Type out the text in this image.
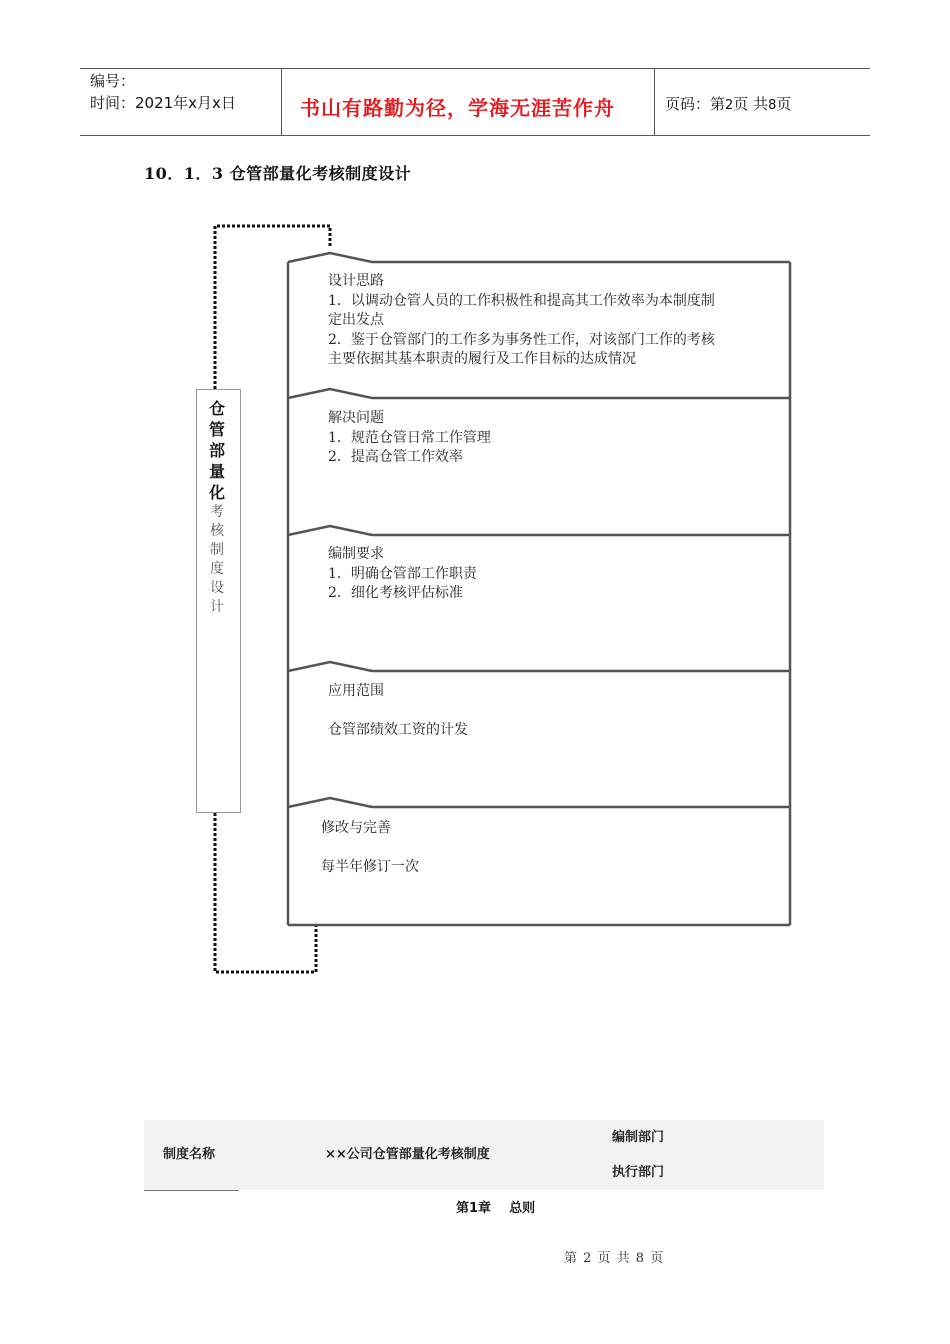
编号：
时间：2021年x月x日	书山有路勤为径，学海无涯苦作舟	页码：第2页 共8页
10．1．3 仓管部量化考核制度设计
仓
管
部
量
化
考
核
制
度
设
计
设计思路
1．以调动仓管人员的工作积极性和提高其工作效率为本制度制
定出发点
2．鉴于仓管部门的工作多为事务性工作，对该部门工作的考核
主要依据其基本职责的履行及工作目标的达成情况
解决问题
1．规范仓管日常工作管理
2．提高仓管工作效率
编制要求
1．明确仓管部工作职责
2．细化考核评估标准
应用范围
仓管部绩效工资的计发
修改与完善
每半年修订一次
制度名称	××公司仓管部量化考核制度
编制部门
执行部门
第1章    总则
第 2 页 共 8 页
